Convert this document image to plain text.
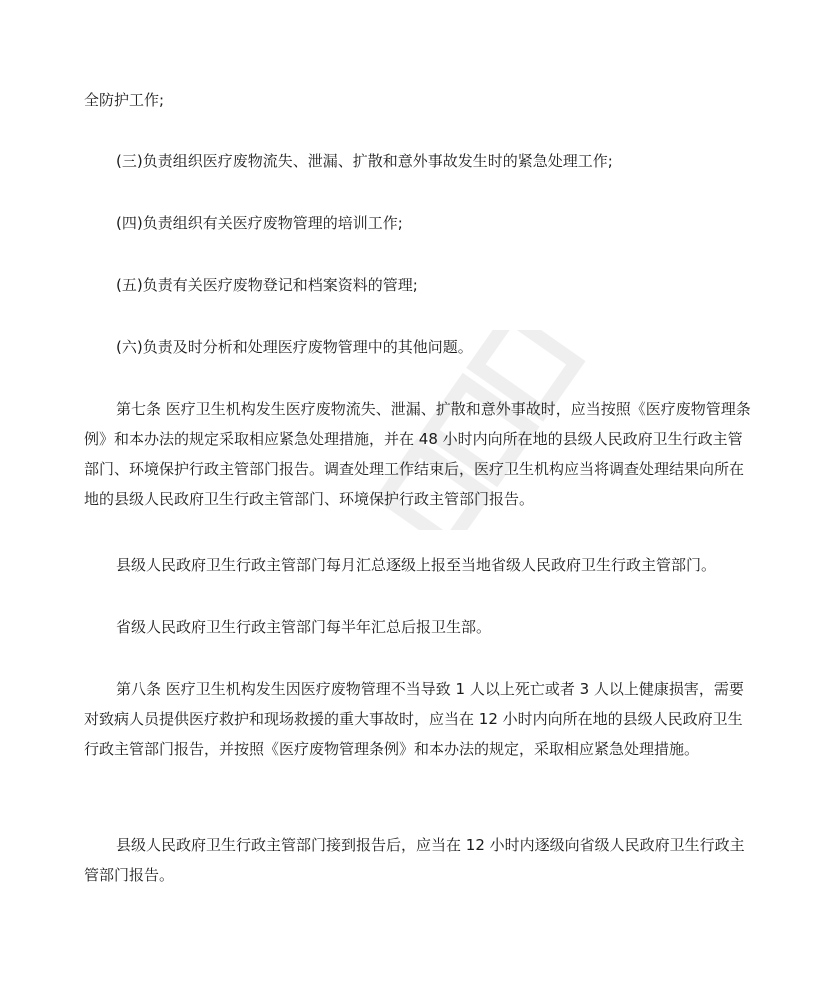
全防护工作;

(三)负责组织医疗废物流失、泄漏、扩散和意外事故发生时的紧急处理工作;

(四)负责组织有关医疗废物管理的培训工作;

(五)负责有关医疗废物登记和档案资料的管理;

(六)负责及时分析和处理医疗废物管理中的其他问题。

第七条 医疗卫生机构发生医疗废物流失、泄漏、扩散和意外事故时，应当按照《医疗废物管理条例》和本办法的规定采取相应紧急处理措施，并在 48 小时内向所在地的县级人民政府卫生行政主管部门、环境保护行政主管部门报告。调查处理工作结束后，医疗卫生机构应当将调查处理结果向所在地的县级人民政府卫生行政主管部门、环境保护行政主管部门报告。

县级人民政府卫生行政主管部门每月汇总逐级上报至当地省级人民政府卫生行政主管部门。

省级人民政府卫生行政主管部门每半年汇总后报卫生部。

第八条 医疗卫生机构发生因医疗废物管理不当导致 1 人以上死亡或者 3 人以上健康损害，需要对致病人员提供医疗救护和现场救援的重大事故时，应当在 12 小时内向所在地的县级人民政府卫生行政主管部门报告，并按照《医疗废物管理条例》和本办法的规定，采取相应紧急处理措施。

县级人民政府卫生行政主管部门接到报告后，应当在 12 小时内逐级向省级人民政府卫生行政主管部门报告。
